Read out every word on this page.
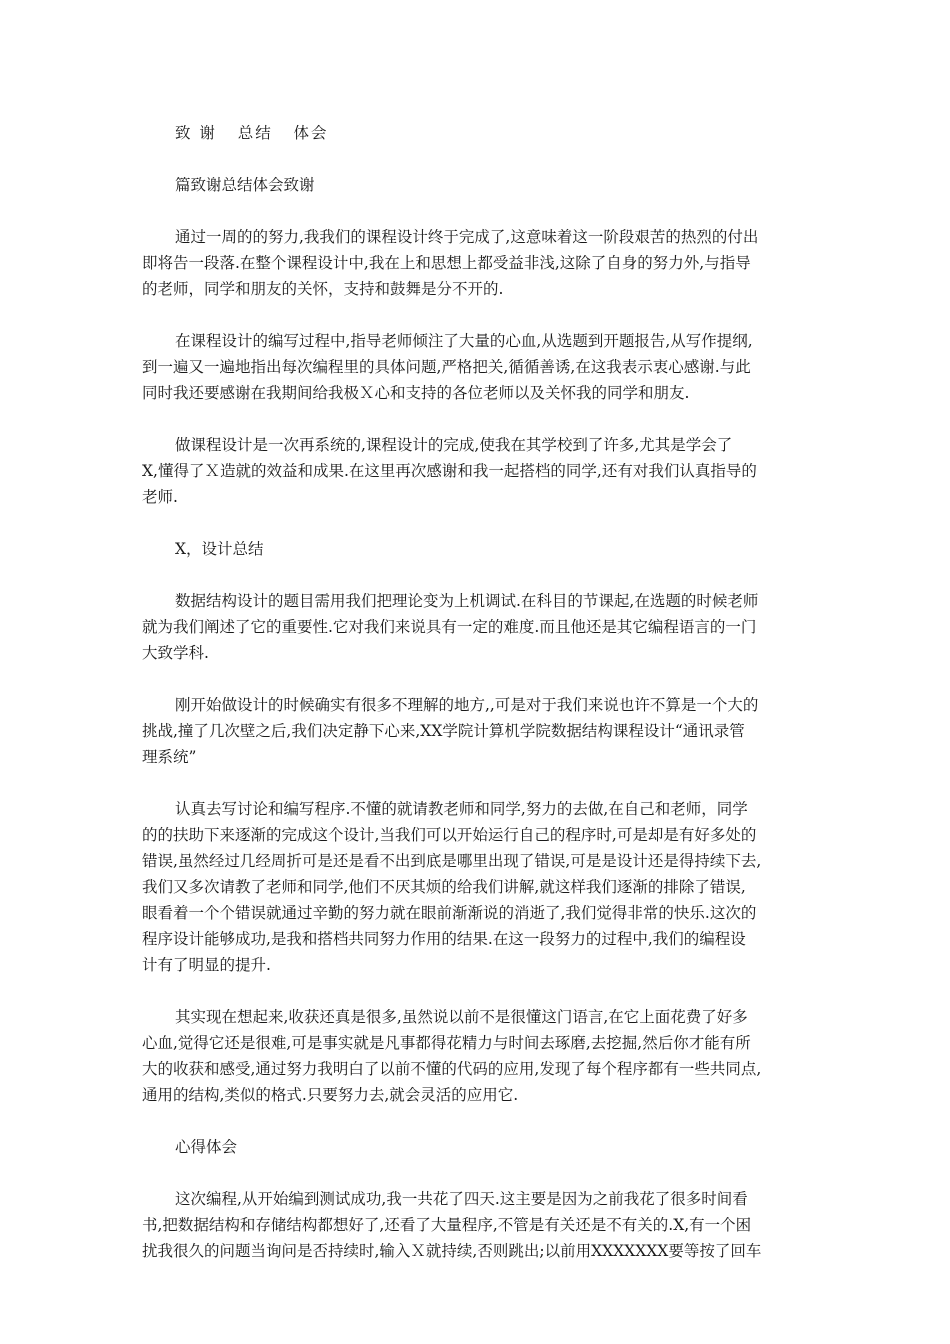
致 谢   总结   体会
篇致谢总结体会致谢
通过一周的的努力,我我们的课程设计终于完成了,这意味着这一阶段艰苦的热烈的付出
即将告一段落.在整个课程设计中,我在上和思想上都受益非浅,这除了自身的努力外,与指导
的老师，同学和朋友的关怀，支持和鼓舞是分不开的.
在课程设计的编写过程中,指导老师倾注了大量的心血,从选题到开题报告,从写作提纲,
到一遍又一遍地指出每次编程里的具体问题,严格把关,循循善诱,在这我表示衷心感谢.与此
同时我还要感谢在我期间给我极Ｘ心和支持的各位老师以及关怀我的同学和朋友.
做课程设计是一次再系统的,课程设计的完成,使我在其学校到了许多,尤其是学会了
X,懂得了Ｘ造就的效益和成果.在这里再次感谢和我一起搭档的同学,还有对我们认真指导的
老师.
X，设计总结
数据结构设计的题目需用我们把理论变为上机调试.在科目的节课起,在选题的时候老师
就为我们阐述了它的重要性.它对我们来说具有一定的难度.而且他还是其它编程语言的一门
大致学科.
刚开始做设计的时候确实有很多不理解的地方,,可是对于我们来说也许不算是一个大的
挑战,撞了几次壁之后,我们决定静下心来,XX学院计算机学院数据结构课程设计“通讯录管
理系统”
认真去写讨论和编写程序.不懂的就请教老师和同学,努力的去做,在自己和老师，同学
的的扶助下来逐渐的完成这个设计,当我们可以开始运行自己的程序时,可是却是有好多处的
错误,虽然经过几经周折可是还是看不出到底是哪里出现了错误,可是是设计还是得持续下去,
我们又多次请教了老师和同学,他们不厌其烦的给我们讲解,就这样我们逐渐的排除了错误,
眼看着一个个错误就通过辛勤的努力就在眼前渐渐说的消逝了,我们觉得非常的快乐.这次的
程序设计能够成功,是我和搭档共同努力作用的结果.在这一段努力的过程中,我们的编程设
计有了明显的提升.
其实现在想起来,收获还真是很多,虽然说以前不是很懂这门语言,在它上面花费了好多
心血,觉得它还是很难,可是事实就是凡事都得花精力与时间去琢磨,去挖掘,然后你才能有所
大的收获和感受,通过努力我明白了以前不懂的代码的应用,发现了每个程序都有一些共同点,
通用的结构,类似的格式.只要努力去,就会灵活的应用它.
心得体会
这次编程,从开始编到测试成功,我一共花了四天.这主要是因为之前我花了很多时间看
书,把数据结构和存储结构都想好了,还看了大量程序,不管是有关还是不有关的.X,有一个困
扰我很久的问题当询问是否持续时,输入Ｘ就持续,否则跳出;以前用XXXXXXX要等按了回车
